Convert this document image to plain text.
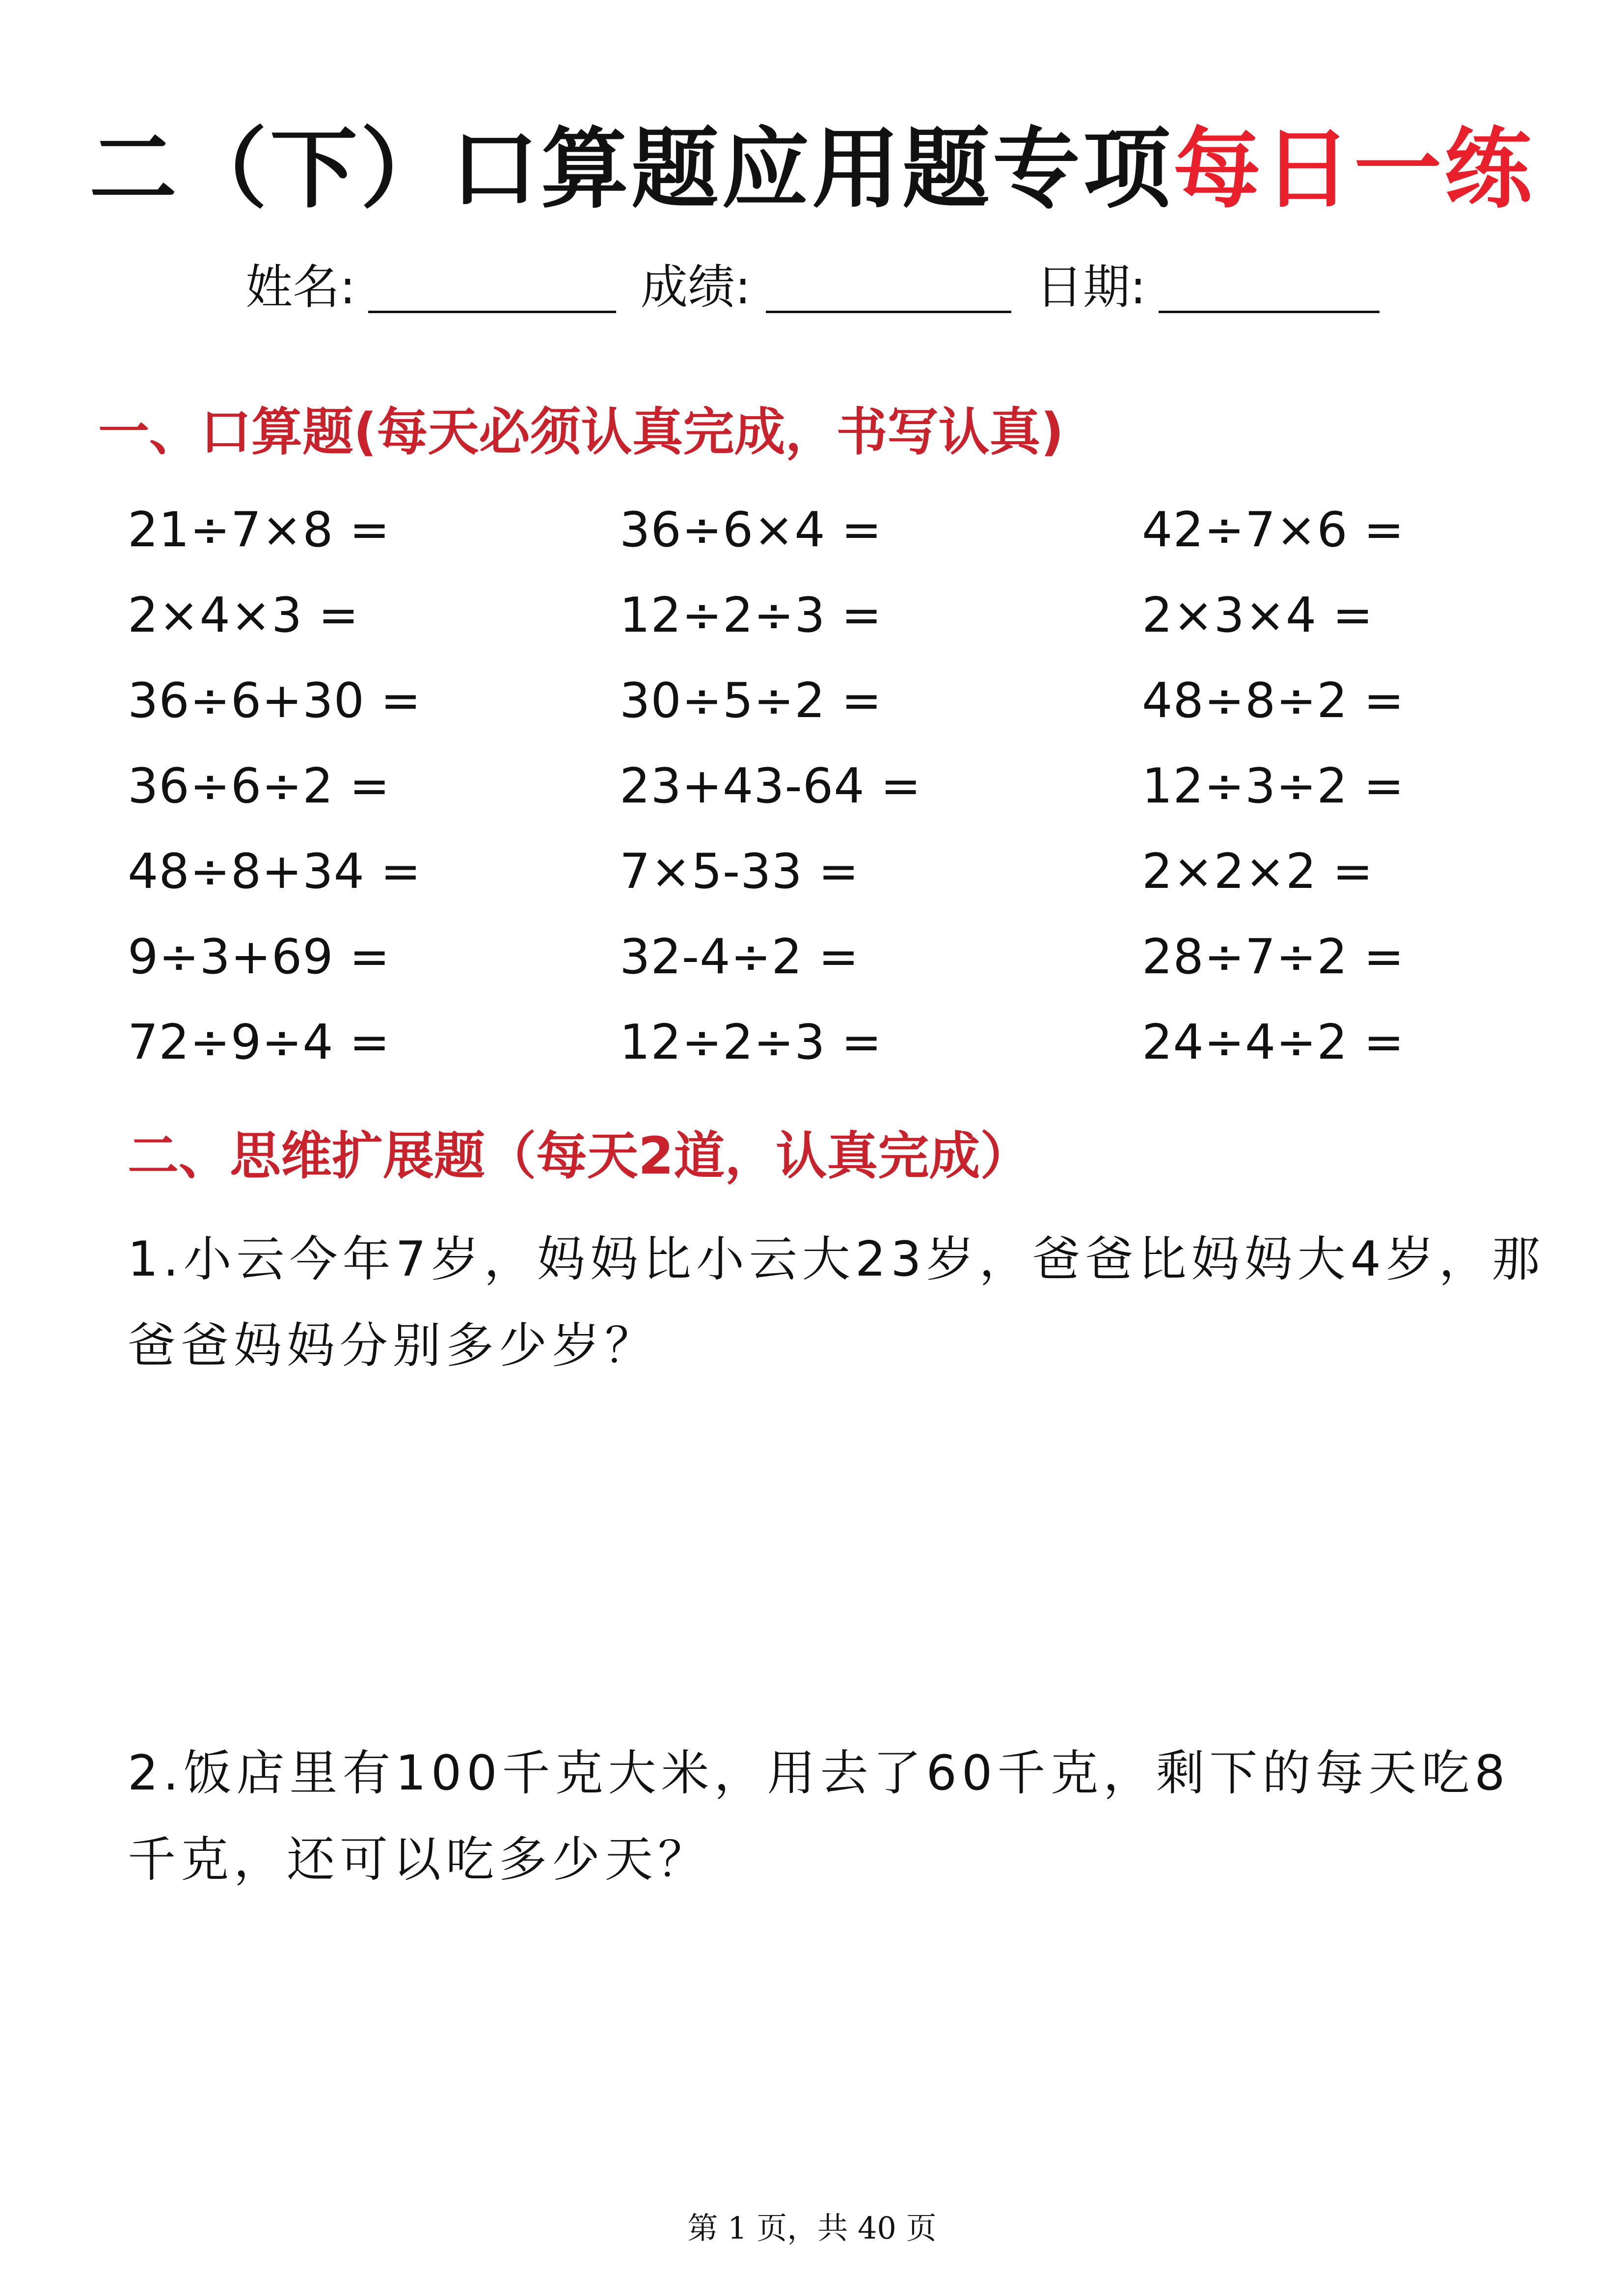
二（下）口算题应用题专项每日一练
姓名:	成绩:	日期:
一、口算题(每天必须认真完成，书写认真)
21÷7×8 =
2×4×3 =
36÷6+30 =
36÷6÷2 =
48÷8+34 =
9÷3+69 =
72÷9÷4 =
36÷6×4 =
12÷2÷3 =
30÷5÷2 =
23+43-64 =
7×5-33 =
32-4÷2 =
12÷2÷3 =
42÷7×6 =
2×3×4 =
48÷8÷2 =
12÷3÷2 =
2×2×2 =
28÷7÷2 =
24÷4÷2 =
二、思维扩展题（每天2道，认真完成）
1.小云今年7岁，妈妈比小云大23岁，爸爸比妈妈大4岁，那爸爸妈妈分别多少岁？
2.饭店里有100千克大米，用去了60千克，剩下的每天吃8千克，还可以吃多少天？
第 1 页，共 40 页
